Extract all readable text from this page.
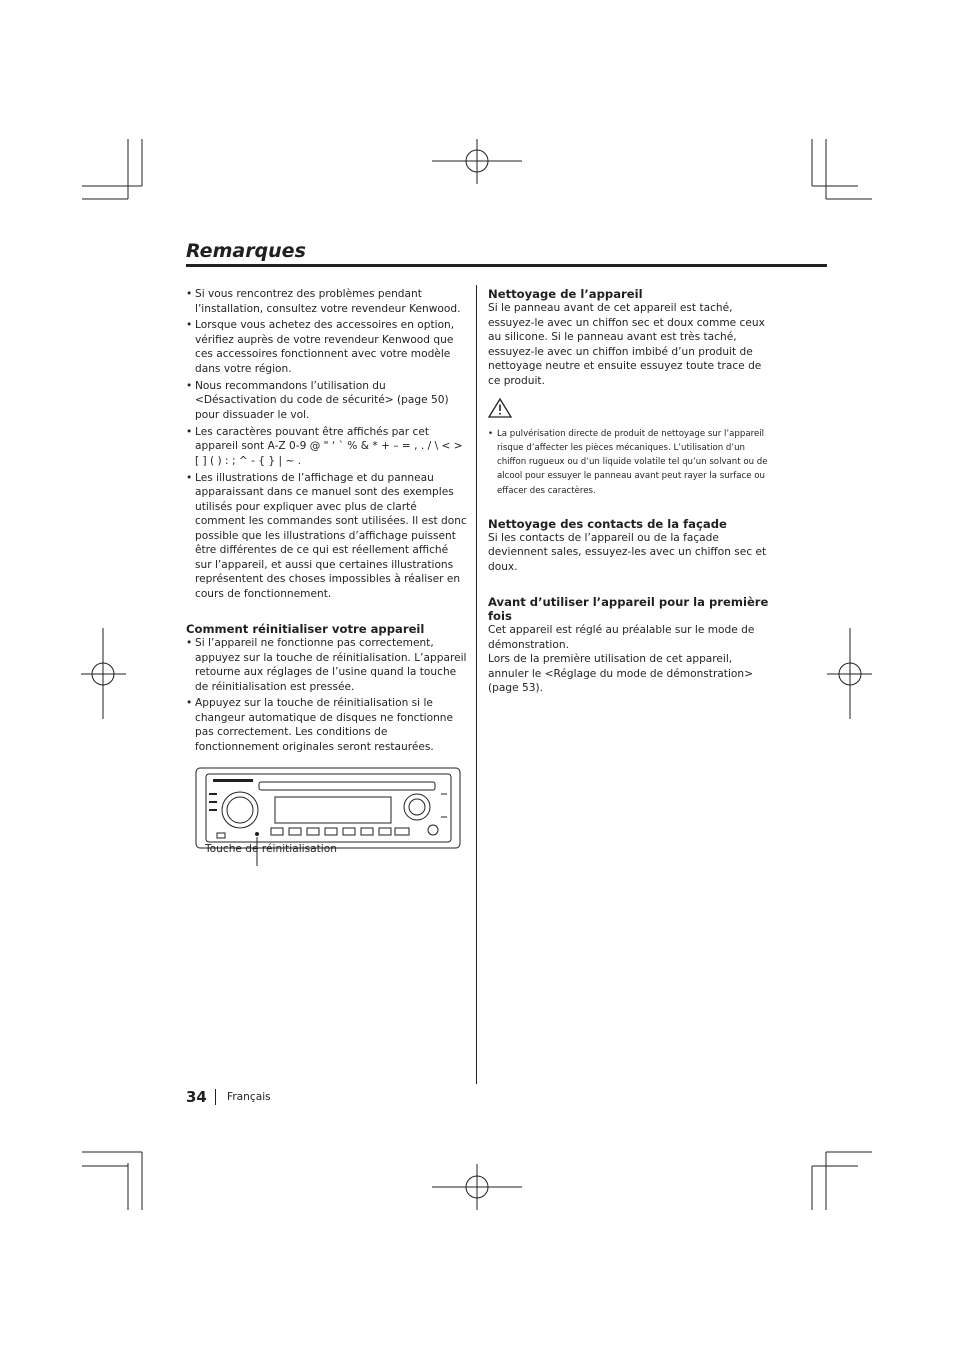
Remarques
• Si vous rencontrez des problèmes pendant l’installation, consultez votre revendeur Kenwood.
• Lorsque vous achetez des accessoires en option, vérifiez auprès de votre revendeur Kenwood que ces accessoires fonctionnent avec votre modèle dans votre région.
• Nous recommandons l’utilisation du <Désactivation du code de sécurité> (page 50) pour dissuader le vol.
• Les caractères pouvant être affichés par cet appareil sont A-Z 0-9 @ " ‘ ` % & * + – = , . / \ < > [ ] ( ) : ; ^ - { } | ~ .
• Les illustrations de l’affichage et du panneau apparaissant dans ce manuel sont des exemples utilisés pour expliquer avec plus de clarté comment les commandes sont utilisées. Il est donc possible que les illustrations d’affichage puissent être différentes de ce qui est réellement affiché sur l’appareil, et aussi que certaines illustrations représentent des choses impossibles à réaliser en cours de fonctionnement.
Comment réinitialiser votre appareil
• Si l’appareil ne fonctionne pas correctement, appuyez sur la touche de réinitialisation. L’appareil retourne aux réglages de l’usine quand la touche de réinitialisation est pressée.
• Appuyez sur la touche de réinitialisation si le changeur automatique de disques ne fonctionne pas correctement. Les conditions de fonctionnement originales seront restaurées.
Touche de réinitialisation
Nettoyage de l’appareil

Si le panneau avant de cet appareil est taché, essuyez-le avec un chiffon sec et doux comme ceux au silicone. Si le panneau avant est très taché, essuyez-le avec un chiffon imbibé d’un produit de nettoyage neutre et ensuite essuyez toute trace de ce produit.

• La pulvérisation directe de produit de nettoyage sur l’appareil risque d’affecter les pièces mécaniques. L’utilisation d’un chiffon rugueux ou d’un liquide volatile tel qu’un solvant ou de alcool pour essuyer le panneau avant peut rayer la surface ou effacer des caractères.
Nettoyage des contacts de la façade

Si les contacts de l’appareil ou de la façade deviennent sales, essuyez-les avec un chiffon sec et doux.

Avant d’utiliser l’appareil pour la première fois

Cet appareil est réglé au préalable sur le mode de démonstration.

Lors de la première utilisation de cet appareil, annuler le <Réglage du mode de démonstration> (page 53).

34 Français
